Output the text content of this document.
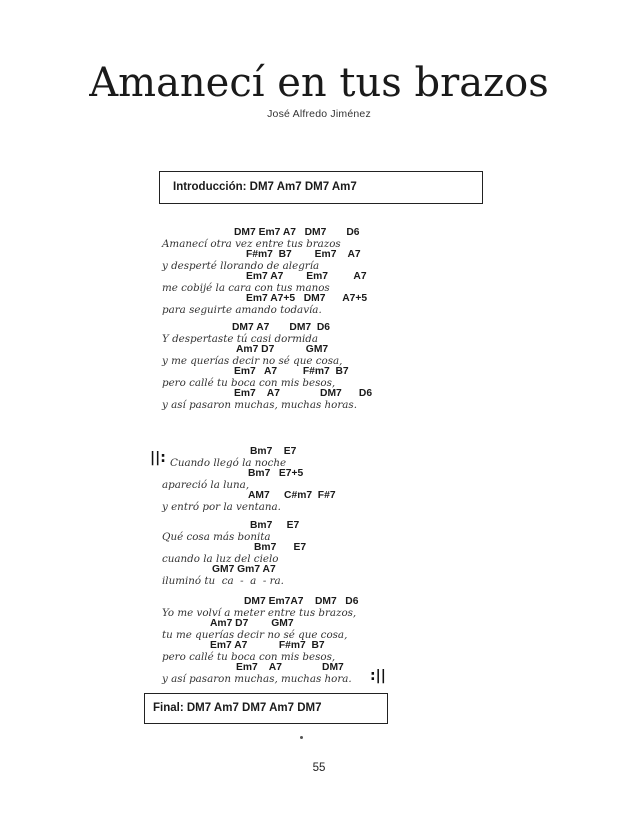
Amanecí en tus brazos
José Alfredo Jiménez
Introducción: DM7 Am7 DM7 Am7
DM7 Em7 A7   DM7       D6
Amanecí otra vez entre tus brazos
F#m7  B7        Em7    A7
y desperté llorando de alegría
Em7 A7        Em7         A7
me cobijé la cara con tus manos
Em7 A7+5   DM7      A7+5
para seguirte amando todavía.
DM7 A7       DM7  D6
Y despertaste tú casi dormida
Am7 D7           GM7
y me querías decir no sé que cosa,
Em7   A7         F#m7  B7
pero callé tu boca con mis besos,
Em7    A7              DM7      D6
y así pasaron muchas, muchas horas.
||:	Bm7    E7
Cuando llegó la noche
Bm7   E7+5
apareció la luna,
AM7     C#m7  F#7
y entró por la ventana.
Bm7     E7
Qué cosa más bonita
Bm7      E7
cuando la luz del cielo
GM7 Gm7 A7
iluminó tu  ca  -  a  - ra.
DM7 Em7A7    DM7   D6
Yo me volví a meter entre tus brazos,
Am7 D7        GM7
tu me querías decir no sé que cosa,
Em7 A7           F#m7  B7
pero callé tu boca con mis besos,
Em7    A7              DM7
y así pasaron muchas, muchas hora. :||
Final: DM7 Am7 DM7 Am7 DM7
55
